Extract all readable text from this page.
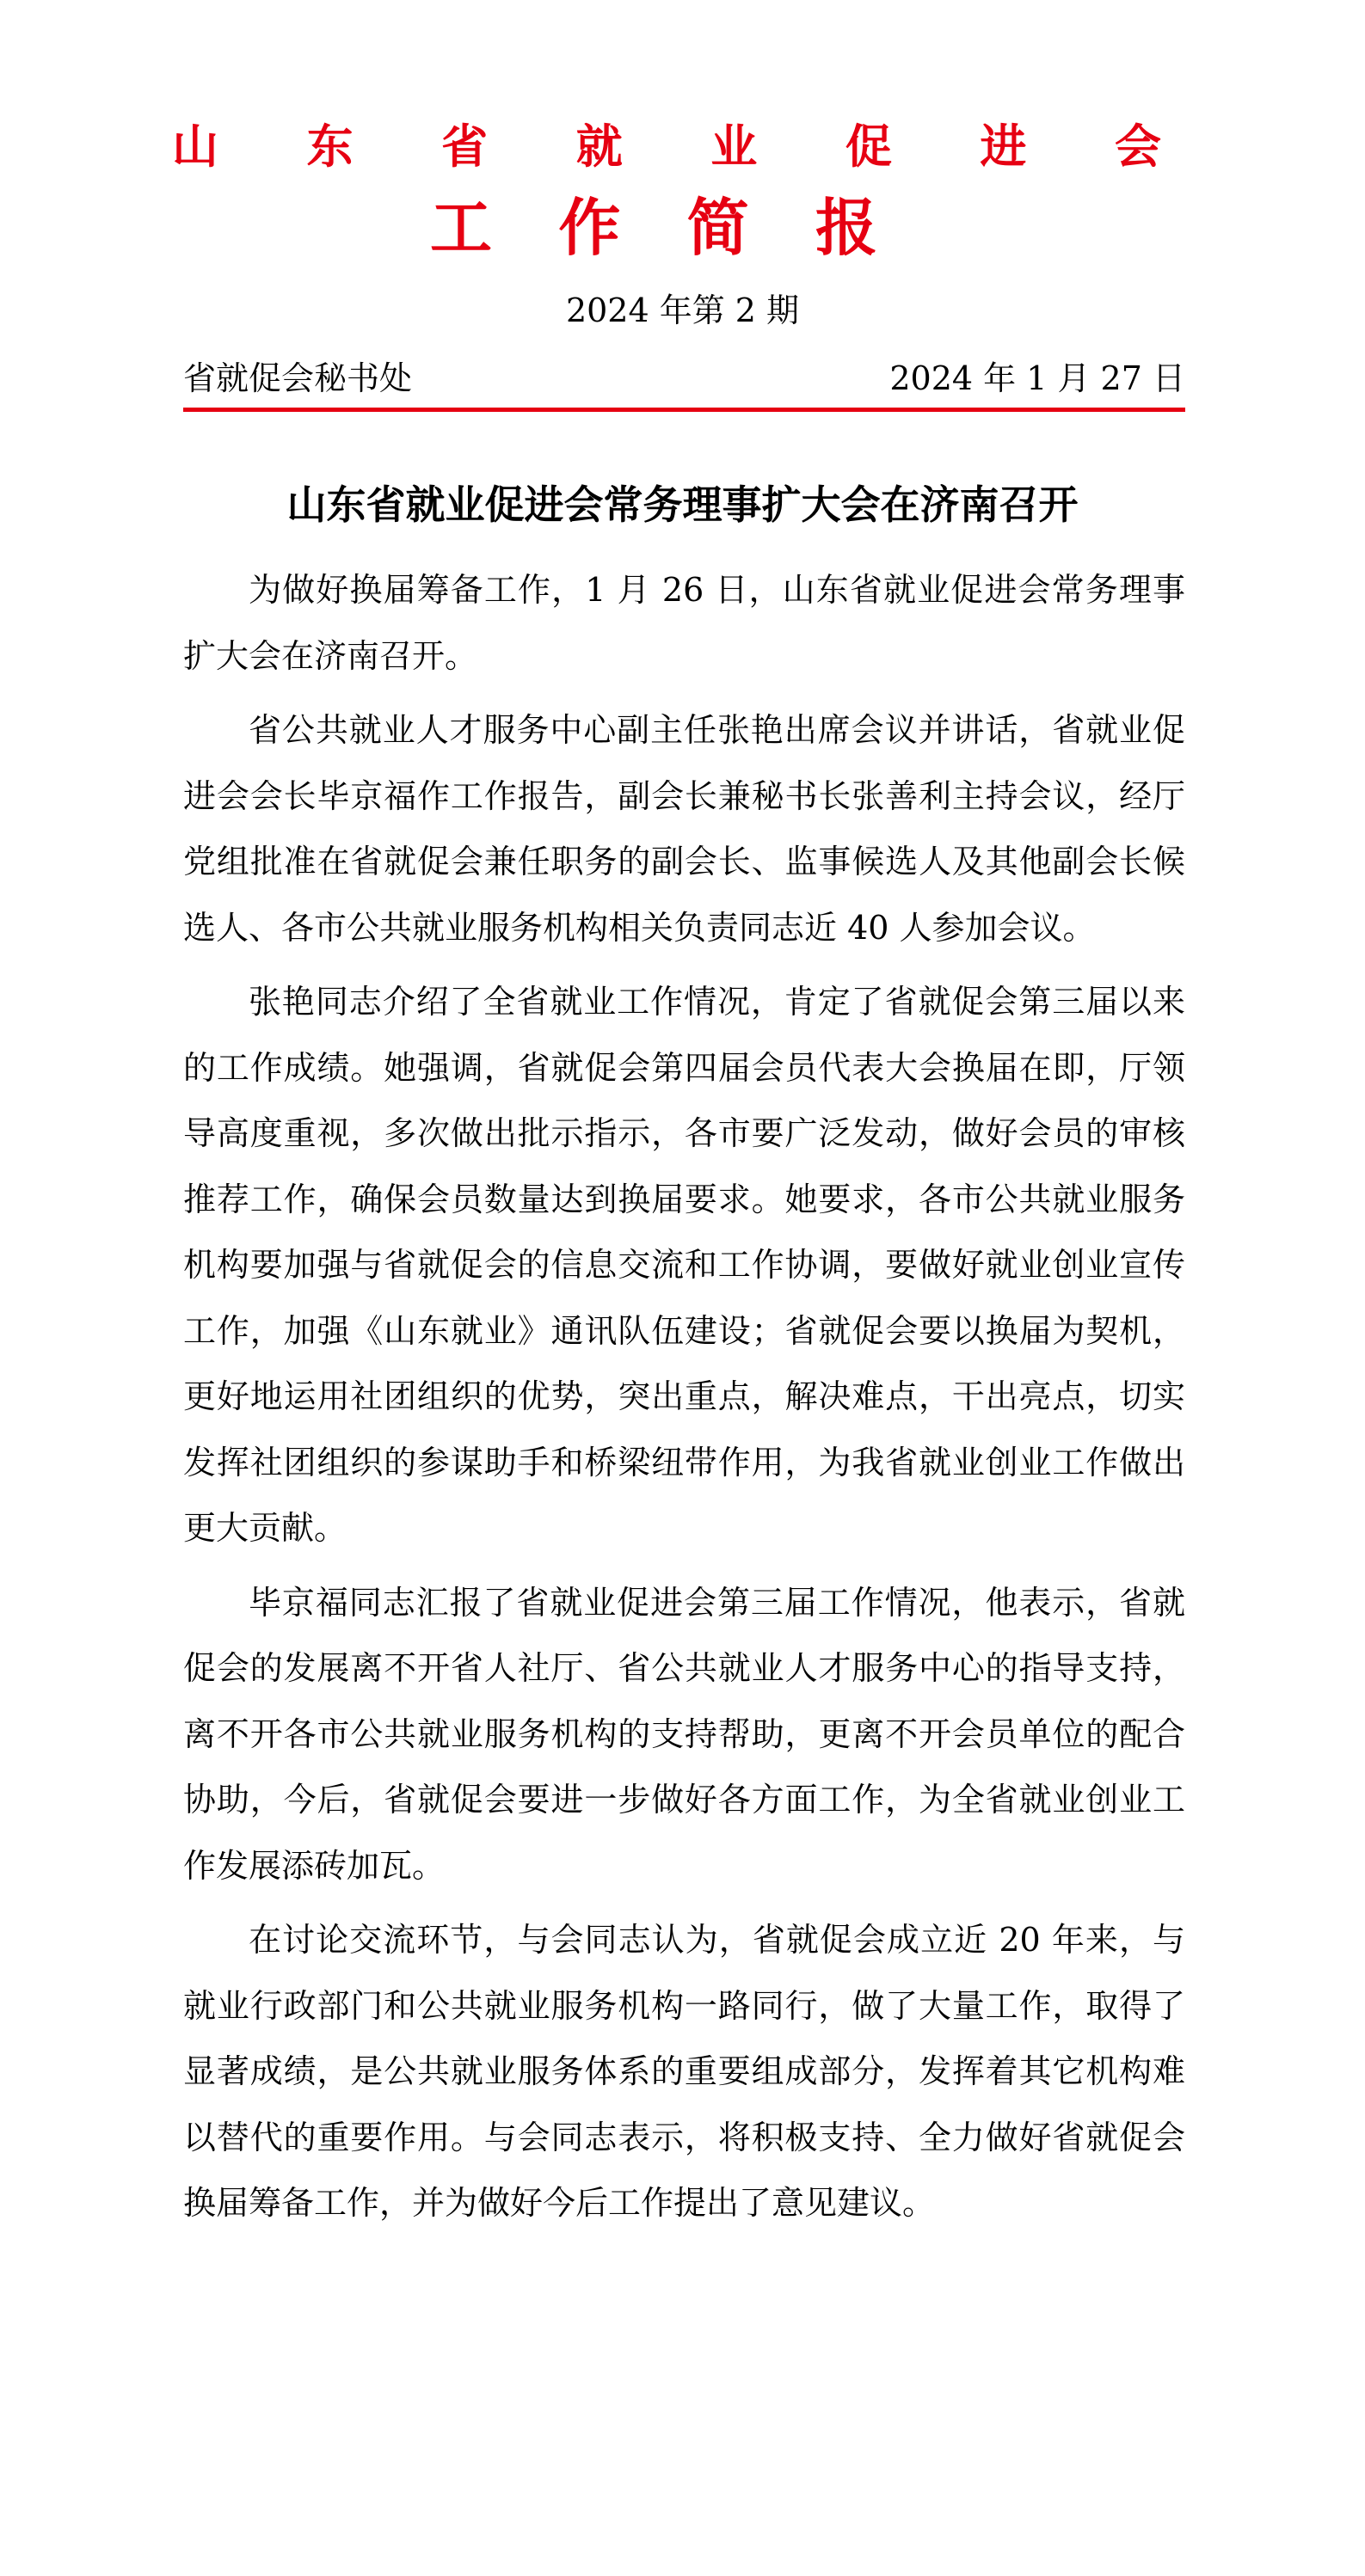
山 东 省 就 业 促 进 会
工 作 简 报
2024 年第 2 期
省就促会秘书处	2024 年 1 月 27 日
山东省就业促进会常务理事扩大会在济南召开

为做好换届筹备工作，1 月 26 日，山东省就业促进会常务理事扩大会在济南召开。

省公共就业人才服务中心副主任张艳出席会议并讲话，省就业促进会会长毕京福作工作报告，副会长兼秘书长张善利主持会议，经厅党组批准在省就促会兼任职务的副会长、监事候选人及其他副会长候选人、各市公共就业服务机构相关负责同志近 40 人参加会议。

张艳同志介绍了全省就业工作情况，肯定了省就促会第三届以来的工作成绩。她强调，省就促会第四届会员代表大会换届在即，厅领导高度重视，多次做出批示指示，各市要广泛发动，做好会员的审核推荐工作，确保会员数量达到换届要求。她要求，各市公共就业服务机构要加强与省就促会的信息交流和工作协调，要做好就业创业宣传工作，加强《山东就业》通讯队伍建设；省就促会要以换届为契机，更好地运用社团组织的优势，突出重点，解决难点，干出亮点，切实发挥社团组织的参谋助手和桥梁纽带作用，为我省就业创业工作做出更大贡献。

毕京福同志汇报了省就业促进会第三届工作情况，他表示，省就促会的发展离不开省人社厅、省公共就业人才服务中心的指导支持，离不开各市公共就业服务机构的支持帮助，更离不开会员单位的配合协助，今后，省就促会要进一步做好各方面工作，为全省就业创业工作发展添砖加瓦。

在讨论交流环节，与会同志认为，省就促会成立近 20 年来，与就业行政部门和公共就业服务机构一路同行，做了大量工作，取得了显著成绩，是公共就业服务体系的重要组成部分，发挥着其它机构难以替代的重要作用。与会同志表示，将积极支持、全力做好省就促会换届筹备工作，并为做好今后工作提出了意见建议。
